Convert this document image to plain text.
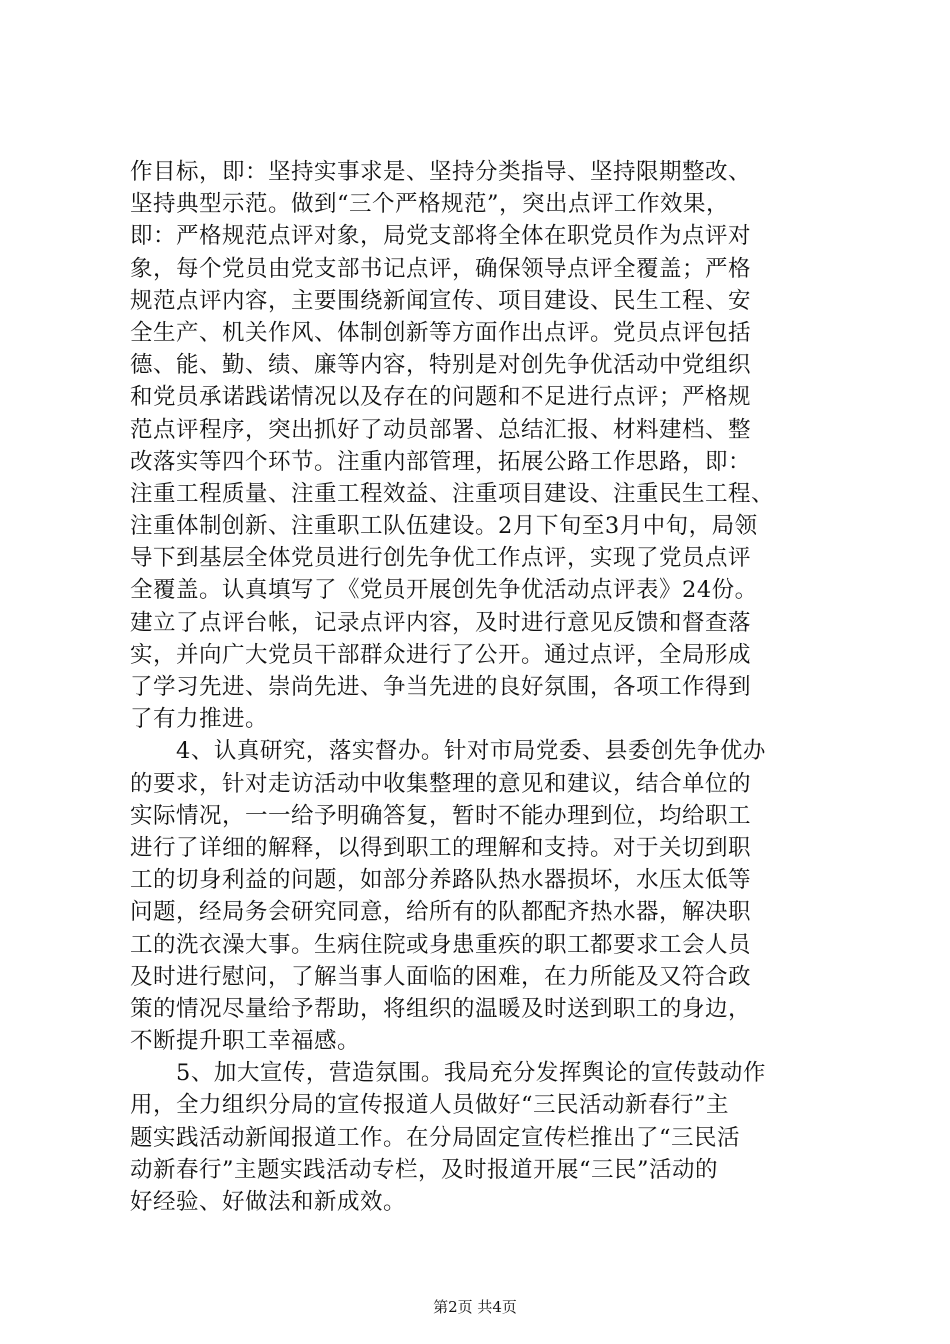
作目标，即：坚持实事求是、坚持分类指导、坚持限期整改、
坚持典型示范。做到“三个严格规范”，突出点评工作效果，
即：严格规范点评对象，局党支部将全体在职党员作为点评对
象，每个党员由党支部书记点评，确保领导点评全覆盖；严格
规范点评内容，主要围绕新闻宣传、项目建设、民生工程、安
全生产、机关作风、体制创新等方面作出点评。党员点评包括
德、能、勤、绩、廉等内容，特别是对创先争优活动中党组织
和党员承诺践诺情况以及存在的问题和不足进行点评；严格规
范点评程序，突出抓好了动员部署、总结汇报、材料建档、整
改落实等四个环节。注重内部管理，拓展公路工作思路，即：
注重工程质量、注重工程效益、注重项目建设、注重民生工程、
注重体制创新、注重职工队伍建设。2月下旬至3月中旬，局领
导下到基层全体党员进行创先争优工作点评，实现了党员点评
全覆盖。认真填写了《党员开展创先争优活动点评表》24份。
建立了点评台帐，记录点评内容，及时进行意见反馈和督查落
实，并向广大党员干部群众进行了公开。通过点评，全局形成
了学习先进、崇尚先进、争当先进的良好氛围，各项工作得到
了有力推进。
　　4、认真研究，落实督办。针对市局党委、县委创先争优办
的要求，针对走访活动中收集整理的意见和建议，结合单位的
实际情况，一一给予明确答复，暂时不能办理到位，均给职工
进行了详细的解释，以得到职工的理解和支持。对于关切到职
工的切身利益的问题，如部分养路队热水器损坏，水压太低等
问题，经局务会研究同意，给所有的队都配齐热水器，解决职
工的洗衣澡大事。生病住院或身患重疾的职工都要求工会人员
及时进行慰问，了解当事人面临的困难，在力所能及又符合政
策的情况尽量给予帮助，将组织的温暖及时送到职工的身边，
不断提升职工幸福感。
　　5、加大宣传，营造氛围。我局充分发挥舆论的宣传鼓动作
用，全力组织分局的宣传报道人员做好“三民活动新春行”主
题实践活动新闻报道工作。在分局固定宣传栏推出了“三民活
动新春行”主题实践活动专栏，及时报道开展“三民”活动的
好经验、好做法和新成效。
第2页 共4页
